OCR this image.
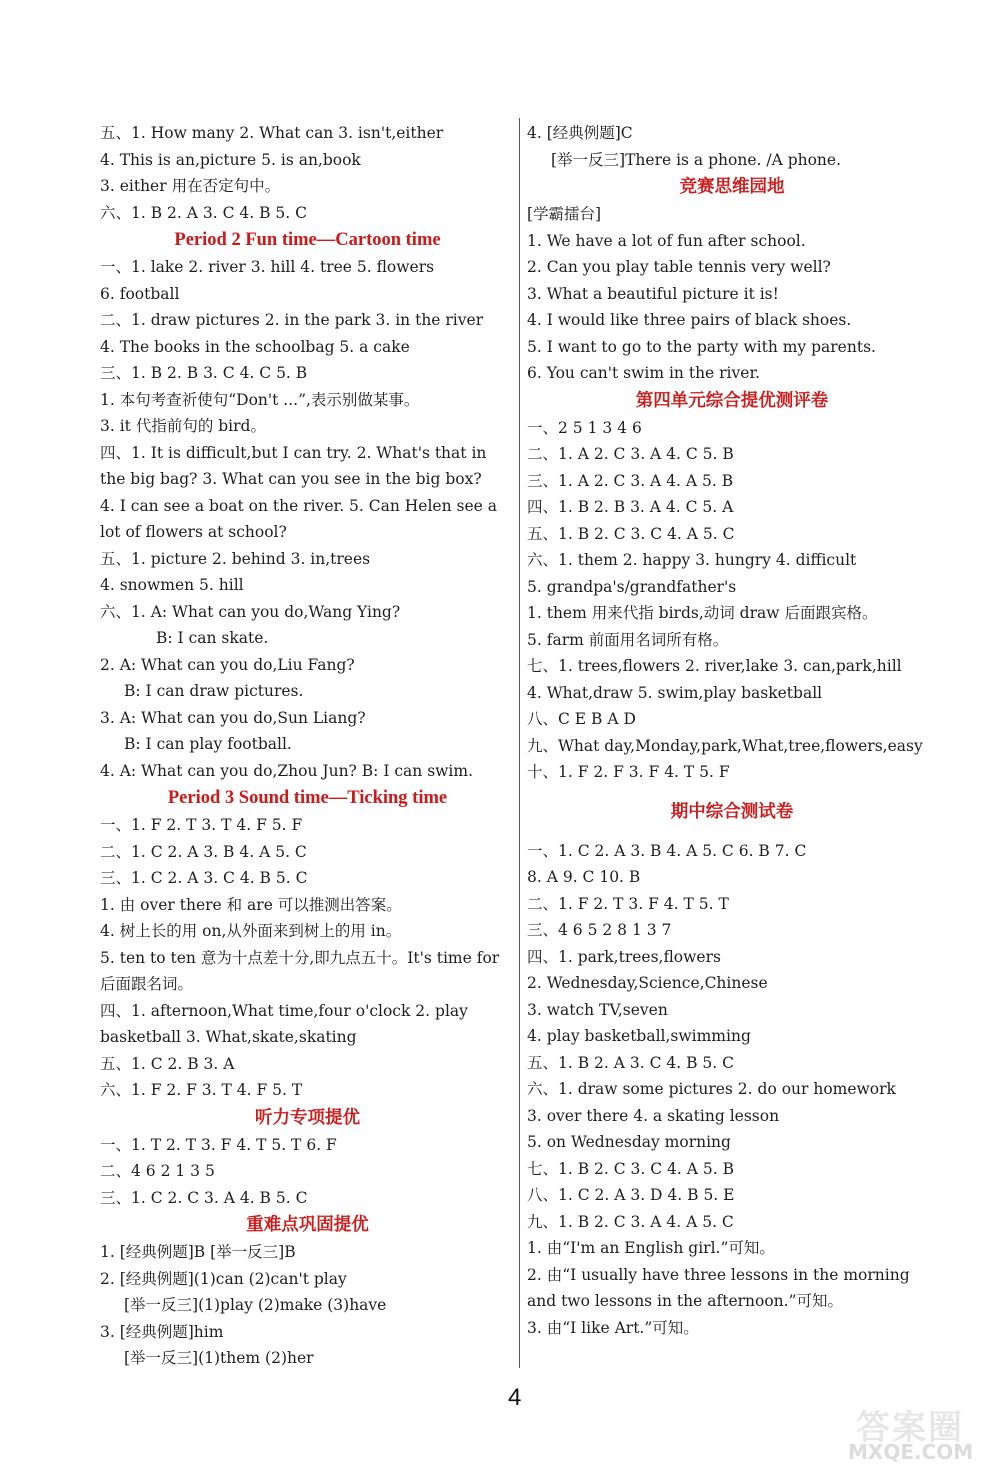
五、1. How many 2. What can 3. isn't,either
4. This is an,picture 5. is an,book
3. either 用在否定句中。
六、1. B 2. A 3. C 4. B 5. C
Period 2 Fun time—Cartoon time
一、1. lake 2. river 3. hill 4. tree 5. flowers
6. football
二、1. draw pictures 2. in the park 3. in the river
4. The books in the schoolbag 5. a cake
三、1. B 2. B 3. C 4. C 5. B
1. 本句考查祈使句“Don't ...”,表示别做某事。
3. it 代指前句的 bird。
四、1. It is difficult,but I can try. 2. What's that in the big bag? 3. What can you see in the big box?
4. I can see a boat on the river. 5. Can Helen see a lot of flowers at school?
五、1. picture 2. behind 3. in,trees
4. snowmen 5. hill
六、1. A: What can you do,Wang Ying?
B: I can skate.
2. A: What can you do,Liu Fang?
B: I can draw pictures.
3. A: What can you do,Sun Liang?
B: I can play football.
4. A: What can you do,Zhou Jun? B: I can swim.
Period 3 Sound time—Ticking time
一、1. F 2. T 3. T 4. F 5. F
二、1. C 2. A 3. B 4. A 5. C
三、1. C 2. A 3. C 4. B 5. C
1. 由 over there 和 are 可以推测出答案。
4. 树上长的用 on,从外面来到树上的用 in。
5. ten to ten 意为十点差十分,即九点五十。It's time for 后面跟名词。
四、1. afternoon,What time,four o'clock 2. play basketball 3. What,skate,skating
五、1. C 2. B 3. A
六、1. F 2. F 3. T 4. F 5. T
听力专项提优
一、1. T 2. T 3. F 4. T 5. T 6. F
二、4 6 2 1 3 5
三、1. C 2. C 3. A 4. B 5. C
重难点巩固提优
1. [经典例题]B [举一反三]B
2. [经典例题](1)can (2)can't play
[举一反三](1)play (2)make (3)have
3. [经典例题]him
[举一反三](1)them (2)her
4. [经典例题]C
[举一反三]There is a phone. /A phone.
竞赛思维园地
[学霸擂台]
1. We have a lot of fun after school.
2. Can you play table tennis very well?
3. What a beautiful picture it is!
4. I would like three pairs of black shoes.
5. I want to go to the party with my parents.
6. You can't swim in the river.
第四单元综合提优测评卷
一、2 5 1 3 4 6
二、1. A 2. C 3. A 4. C 5. B
三、1. A 2. C 3. A 4. A 5. B
四、1. B 2. B 3. A 4. C 5. A
五、1. B 2. C 3. C 4. A 5. C
六、1. them 2. happy 3. hungry 4. difficult
5. grandpa's/grandfather's
1. them 用来代指 birds,动词 draw 后面跟宾格。
5. farm 前面用名词所有格。
七、1. trees,flowers 2. river,lake 3. can,park,hill
4. What,draw 5. swim,play basketball
八、C E B A D
九、What day,Monday,park,What,tree,flowers,easy
十、1. F 2. F 3. F 4. T 5. F
期中综合测试卷
一、1. C 2. A 3. B 4. A 5. C 6. B 7. C
8. A 9. C 10. B
二、1. F 2. T 3. F 4. T 5. T
三、4 6 5 2 8 1 3 7
四、1. park,trees,flowers
2. Wednesday,Science,Chinese
3. watch TV,seven
4. play basketball,swimming
五、1. B 2. A 3. C 4. B 5. C
六、1. draw some pictures 2. do our homework
3. over there 4. a skating lesson
5. on Wednesday morning
七、1. B 2. C 3. C 4. A 5. B
八、1. C 2. A 3. D 4. B 5. E
九、1. B 2. C 3. A 4. A 5. C
1. 由“I'm an English girl.”可知。
2. 由“I usually have three lessons in the morning and two lessons in the afternoon.”可知。
3. 由“I like Art.”可知。
4
答案圈
MXQE.COM
